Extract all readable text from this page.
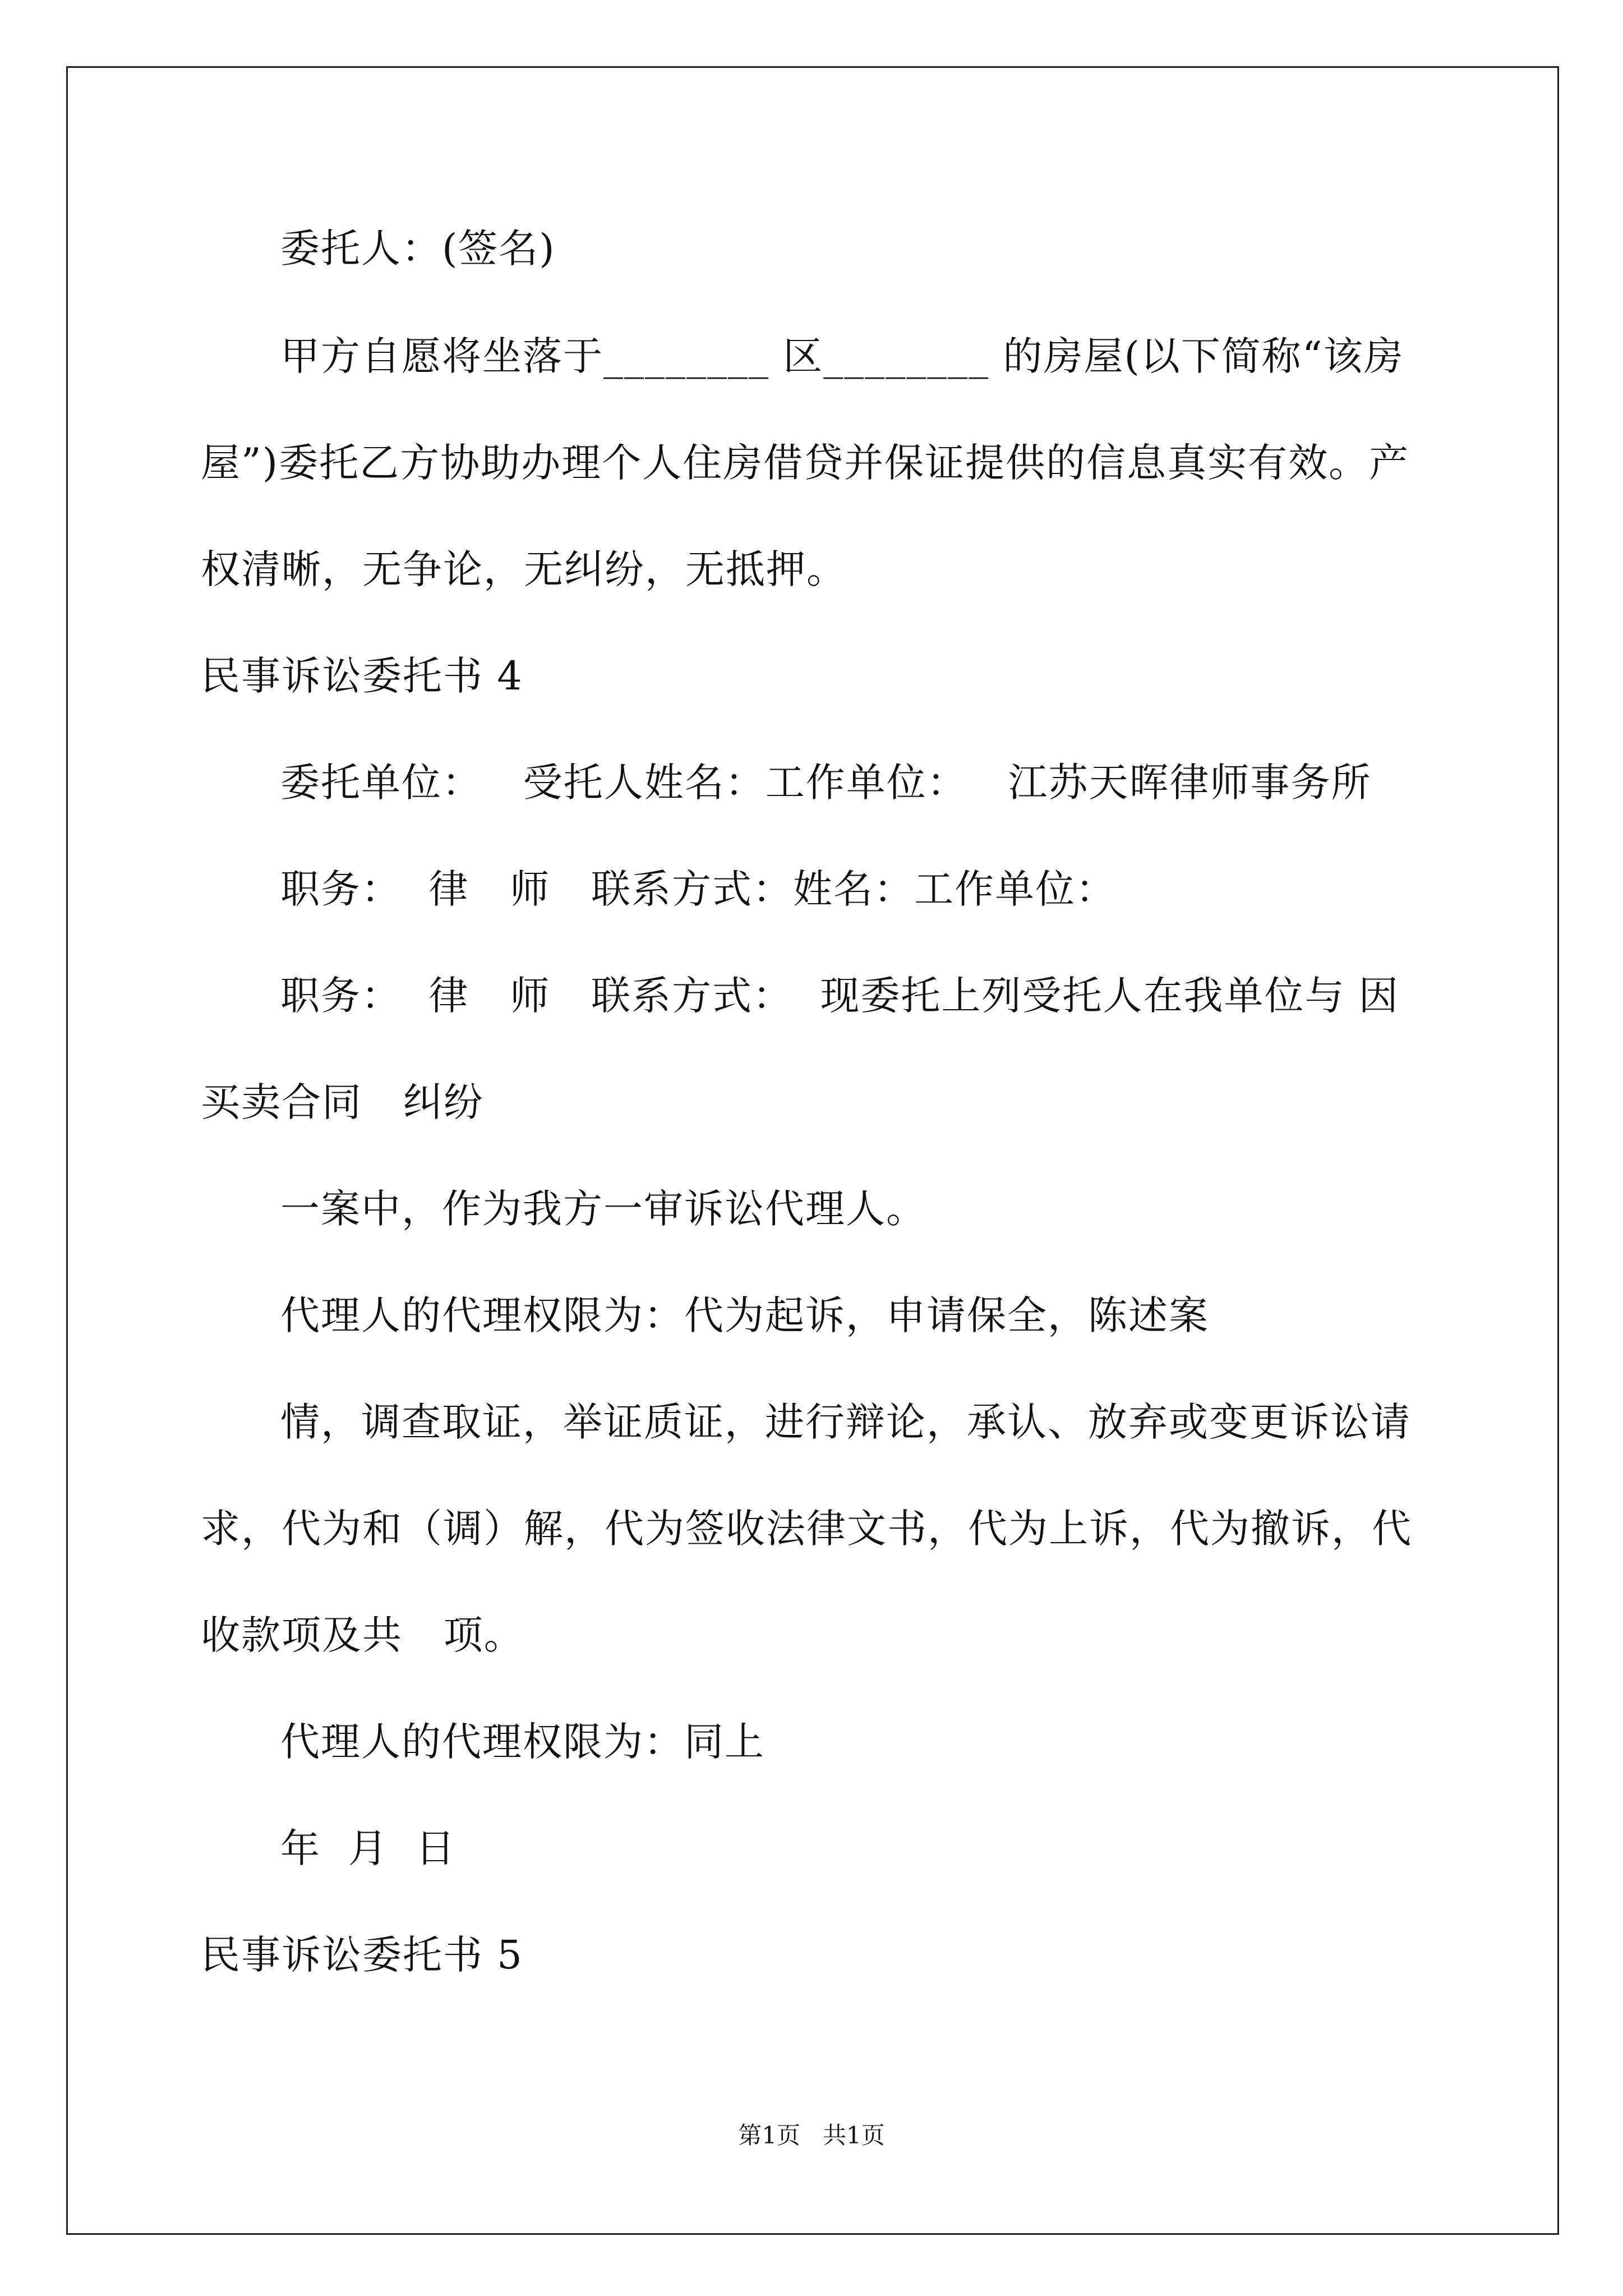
委托人：(签名)
甲方自愿将坐落于________ 区________ 的房屋(以下简称“该房
屋”)委托乙方协助办理个人住房借贷并保证提供的信息真实有效。产
权清晰，无争论，无纠纷，无抵押。
民事诉讼委托书 4
委托单位：   受托人姓名：工作单位：   江苏天晖律师事务所
职务：  律   师   联系方式：姓名：工作单位：
职务：  律   师   联系方式：  现委托上列受托人在我单位与 因
买卖合同   纠纷
一案中，作为我方一审诉讼代理人。
代理人的代理权限为：代为起诉，申请保全，陈述案
情，调查取证，举证质证，进行辩论，承认、放弃或变更诉讼请
求，代为和（调）解，代为签收法律文书，代为上诉，代为撤诉，代
收款项及共   项。
代理人的代理权限为：同上
年  月  日
民事诉讼委托书 5
第1页   共1页
